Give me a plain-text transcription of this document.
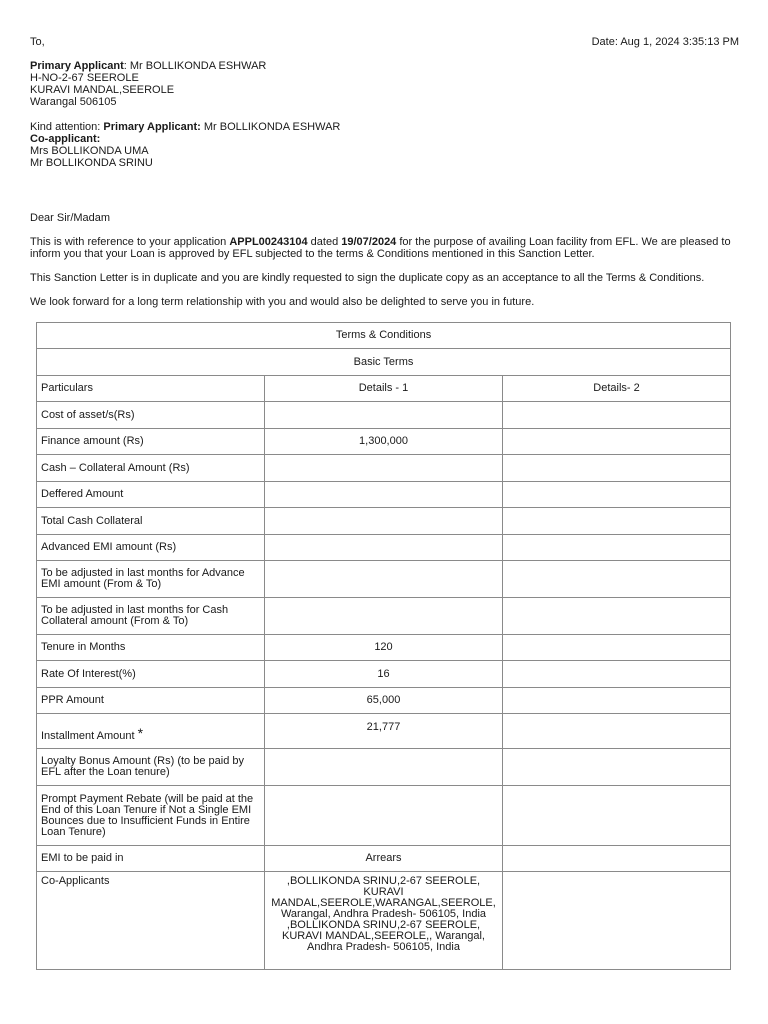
To,	Date: Aug 1, 2024 3:35:13 PM
Primary Applicant: Mr BOLLIKONDA ESHWAR
H-NO-2-67 SEEROLE
KURAVI MANDAL,SEEROLE
Warangal 506105
Kind attention: Primary Applicant: Mr BOLLIKONDA ESHWAR
Co-applicant:
Mrs BOLLIKONDA UMA
Mr BOLLIKONDA SRINU
Dear Sir/Madam
This is with reference to your application APPL00243104 dated 19/07/2024 for the purpose of availing Loan facility from EFL. We are pleased to inform you that your Loan is approved by EFL subjected to the terms & Conditions mentioned in this Sanction Letter.
This Sanction Letter is in duplicate and you are kindly requested to sign the duplicate copy as an acceptance to all the Terms & Conditions.
We look forward for a long term relationship with you and would also be delighted to serve you in future.
Terms & Conditions		
Basic Terms		
Particulars	Details - 1	Details- 2
Cost of asset/s(Rs)		
Finance amount (Rs)	1,300,000	
Cash – Collateral Amount (Rs)		
Deffered Amount		
Total Cash Collateral		
Advanced EMI amount (Rs)		
To be adjusted in last months for Advance EMI amount (From & To)		
To be adjusted in last months for Cash Collateral amount (From & To)		
Tenure in Months	120	
Rate Of Interest(%)	16	
PPR Amount	65,000	
Installment Amount *	21,777	
Loyalty Bonus Amount (Rs) (to be paid by EFL after the Loan tenure)		
Prompt Payment Rebate (will be paid at the End of this Loan Tenure if Not a Single EMI Bounces due to Insufficient Funds in Entire Loan Tenure)		
EMI to be paid in	Arrears	
Co-Applicants	,BOLLIKONDA SRINU,2-67 SEEROLE, KURAVI MANDAL,SEEROLE,WARANGAL,SEEROLE, Warangal, Andhra Pradesh- 506105, India ,BOLLIKONDA SRINU,2-67 SEEROLE, KURAVI MANDAL,SEEROLE,, Warangal, Andhra Pradesh- 506105, India	
